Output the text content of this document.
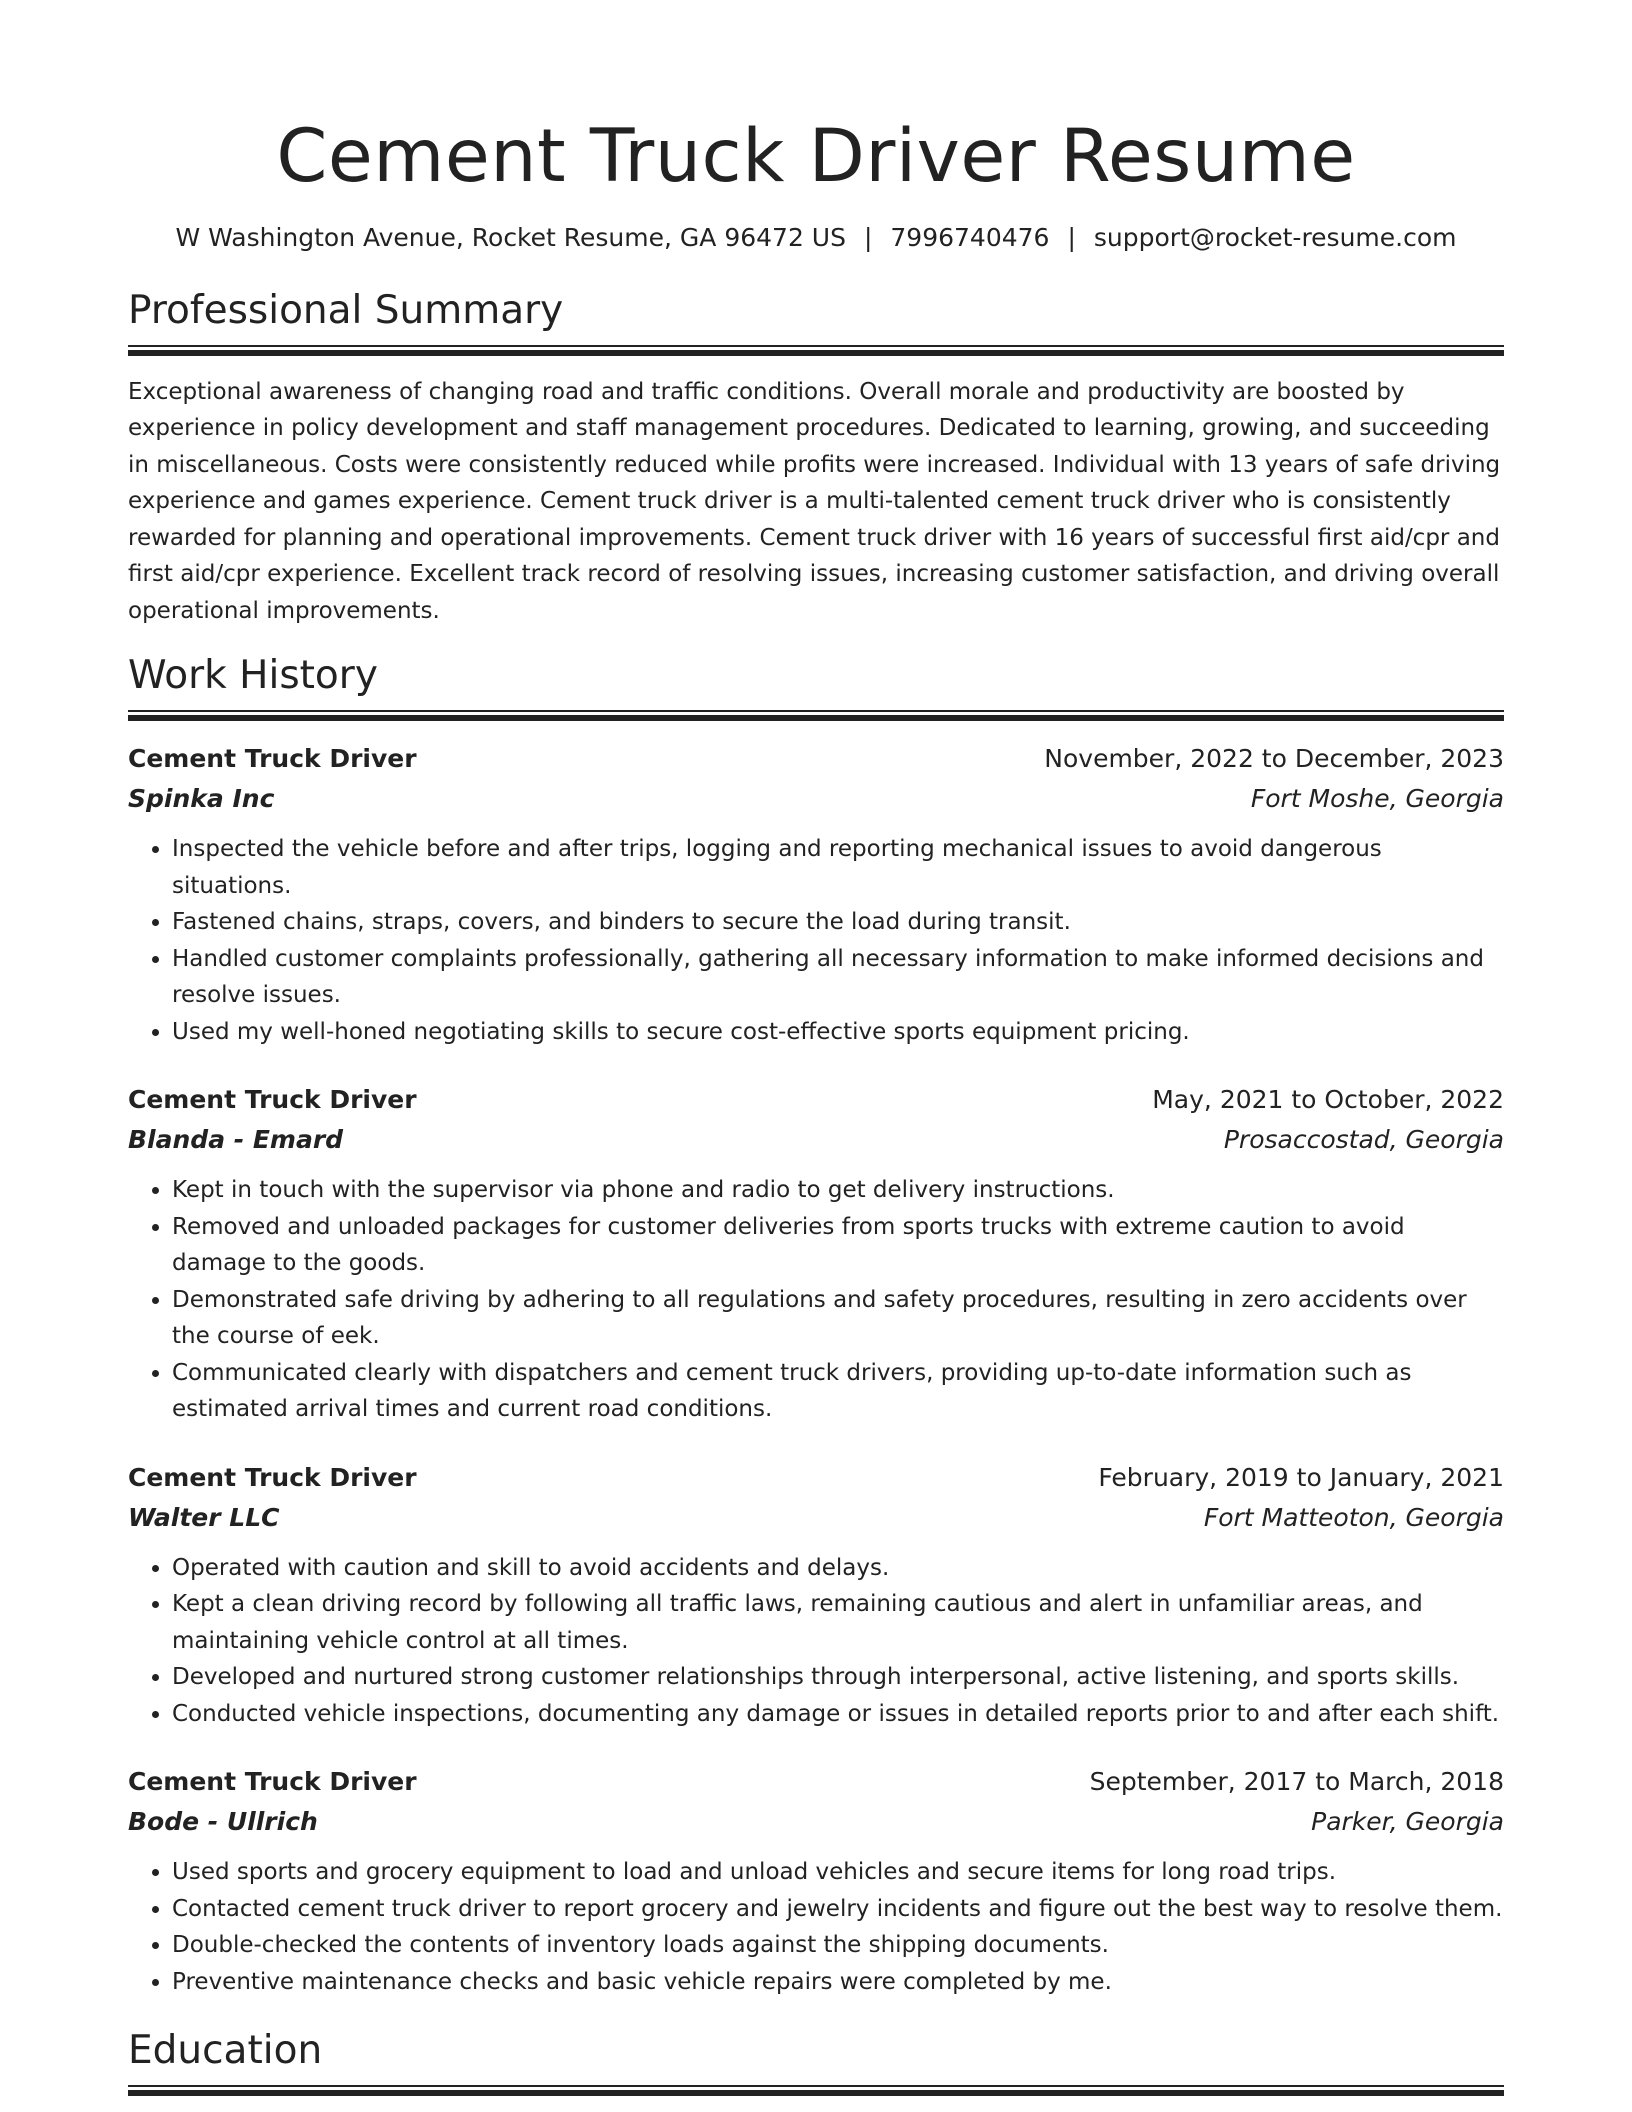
Cement Truck Driver Resume
W Washington Avenue, Rocket Resume, GA 96472 US | 7996740476 | support@rocket-resume.com
Professional Summary

Exceptional awareness of changing road and traffic conditions. Overall morale and productivity are boosted by experience in policy development and staff management procedures. Dedicated to learning, growing, and succeeding in miscellaneous. Costs were consistently reduced while profits were increased. Individual with 13 years of safe driving experience and games experience. Cement truck driver is a multi-talented cement truck driver who is consistently rewarded for planning and operational improvements. Cement truck driver with 16 years of successful first aid/cpr and first aid/cpr experience. Excellent track record of resolving issues, increasing customer satisfaction, and driving overall operational improvements.

Work History
Cement Truck Driver	November, 2022 to December, 2023
Spinka Inc	Fort Moshe, Georgia
• Inspected the vehicle before and after trips, logging and reporting mechanical issues to avoid dangerous situations.
• Fastened chains, straps, covers, and binders to secure the load during transit.
• Handled customer complaints professionally, gathering all necessary information to make informed decisions and resolve issues.
• Used my well-honed negotiating skills to secure cost-effective sports equipment pricing.
Cement Truck Driver	May, 2021 to October, 2022
Blanda - Emard	Prosaccostad, Georgia
• Kept in touch with the supervisor via phone and radio to get delivery instructions.
• Removed and unloaded packages for customer deliveries from sports trucks with extreme caution to avoid damage to the goods.
• Demonstrated safe driving by adhering to all regulations and safety procedures, resulting in zero accidents over the course of eek.
• Communicated clearly with dispatchers and cement truck drivers, providing up-to-date information such as estimated arrival times and current road conditions.
Cement Truck Driver	February, 2019 to January, 2021
Walter LLC	Fort Matteoton, Georgia
• Operated with caution and skill to avoid accidents and delays.
• Kept a clean driving record by following all traffic laws, remaining cautious and alert in unfamiliar areas, and maintaining vehicle control at all times.
• Developed and nurtured strong customer relationships through interpersonal, active listening, and sports skills.
• Conducted vehicle inspections, documenting any damage or issues in detailed reports prior to and after each shift.
Cement Truck Driver	September, 2017 to March, 2018
Bode - Ullrich	Parker, Georgia
• Used sports and grocery equipment to load and unload vehicles and secure items for long road trips.
• Contacted cement truck driver to report grocery and jewelry incidents and figure out the best way to resolve them.
• Double-checked the contents of inventory loads against the shipping documents.
• Preventive maintenance checks and basic vehicle repairs were completed by me.
Education
